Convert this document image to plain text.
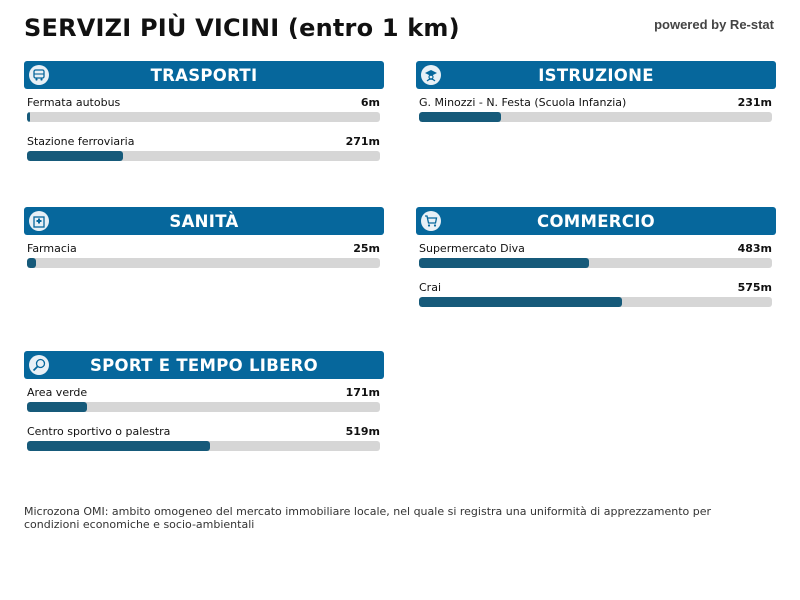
SERVIZI PIÙ VICINI (entro 1 km)	powered by Re-stat
TRASPORTI
Fermata autobus	6m
Stazione ferroviaria	271m
ISTRUZIONE
G. Minozzi - N. Festa (Scuola Infanzia)	231m
SANITÀ
Farmacia	25m
COMMERCIO
Supermercato Diva	483m
Crai	575m
SPORT E TEMPO LIBERO
Area verde	171m
Centro sportivo o palestra	519m
Microzona OMI: ambito omogeneo del mercato immobiliare locale, nel quale si registra una uniformità di apprezzamento per condizioni economiche e socio-ambientali
